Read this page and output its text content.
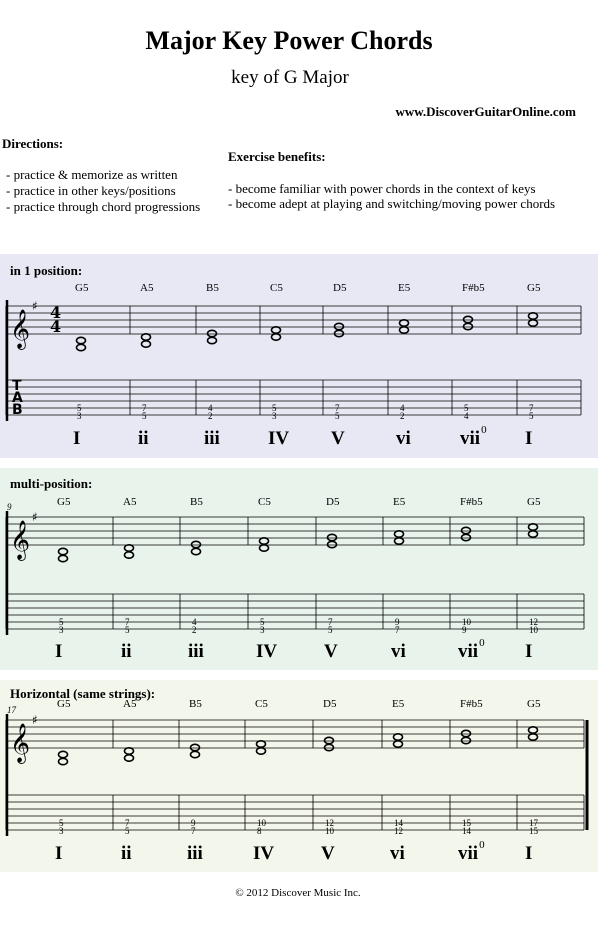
Major Key Power Chords
key of G Major
www.DiscoverGuitarOnline.com
Directions:
- practice & memorize as written
- practice in other keys/positions
- practice through chord progressions
Exercise benefits:
- become familiar with power chords in the context of keys
- become adept at playing and switching/moving power chords
in 1 position:
𝄞
♯ 4
4
T
A
B
G5
5
3
I
A5
7
5
ii
B5
4
2
iii
C5
5
3
IV
D5
7
5
V
E5
4
2
vi
F#b5
5
4
vii$^0$
G5
7
5
I
multi-position:
𝄞
♯
G5
5
3
I
A5
7
5
ii
B5
4
2
iii
C5
5
3
IV
D5
7
5
V
E5
9
7
vi
F#b5
10
9
vii$^0$
G5
12
10
I
9
Horizontal (same strings):
𝄞
♯
G5
5
3
I
A5
7
5
ii
B5
9
7
iii
C5
10
8
IV
D5
12
10
V
E5
14
12
vi
F#b5
15
14
vii$^0$
G5
17
15
I
17
© 2012 Discover Music Inc.
